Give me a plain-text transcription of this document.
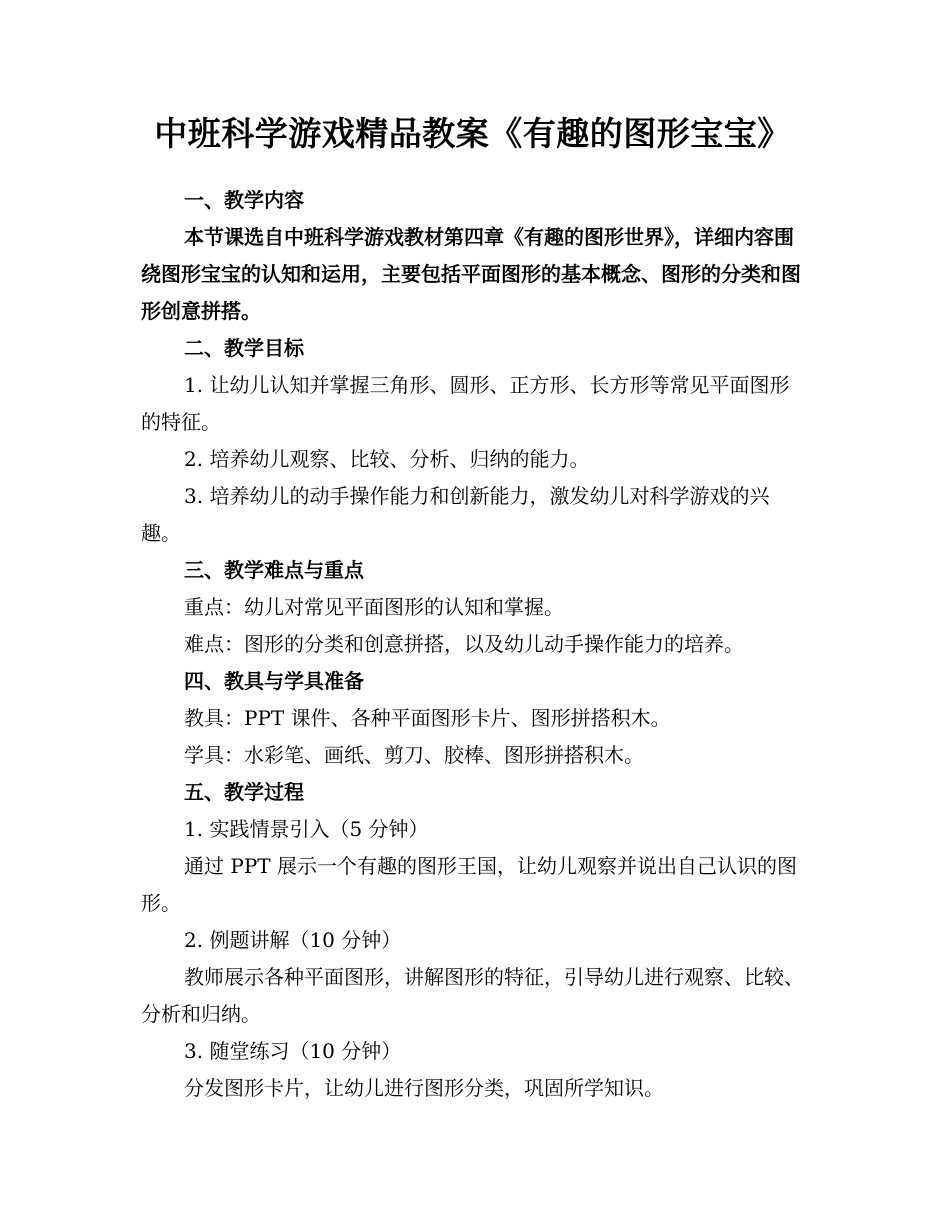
中班科学游戏精品教案《有趣的图形宝宝》

一、教学内容

本节课选自中班科学游戏教材第四章《有趣的图形世界》，详细内容围绕图形宝宝的认知和运用，主要包括平面图形的基本概念、图形的分类和图形创意拼搭。

二、教学目标

1. 让幼儿认知并掌握三角形、圆形、正方形、长方形等常见平面图形的特征。

2. 培养幼儿观察、比较、分析、归纳的能力。

3. 培养幼儿的动手操作能力和创新能力，激发幼儿对科学游戏的兴趣。

三、教学难点与重点

重点：幼儿对常见平面图形的认知和掌握。

难点：图形的分类和创意拼搭，以及幼儿动手操作能力的培养。

四、教具与学具准备

教具：PPT 课件、各种平面图形卡片、图形拼搭积木。

学具：水彩笔、画纸、剪刀、胶棒、图形拼搭积木。

五、教学过程

1. 实践情景引入（5 分钟）

通过 PPT 展示一个有趣的图形王国，让幼儿观察并说出自己认识的图形。

2. 例题讲解（10 分钟）

教师展示各种平面图形，讲解图形的特征，引导幼儿进行观察、比较、分析和归纳。

3. 随堂练习（10 分钟）

分发图形卡片，让幼儿进行图形分类，巩固所学知识。
